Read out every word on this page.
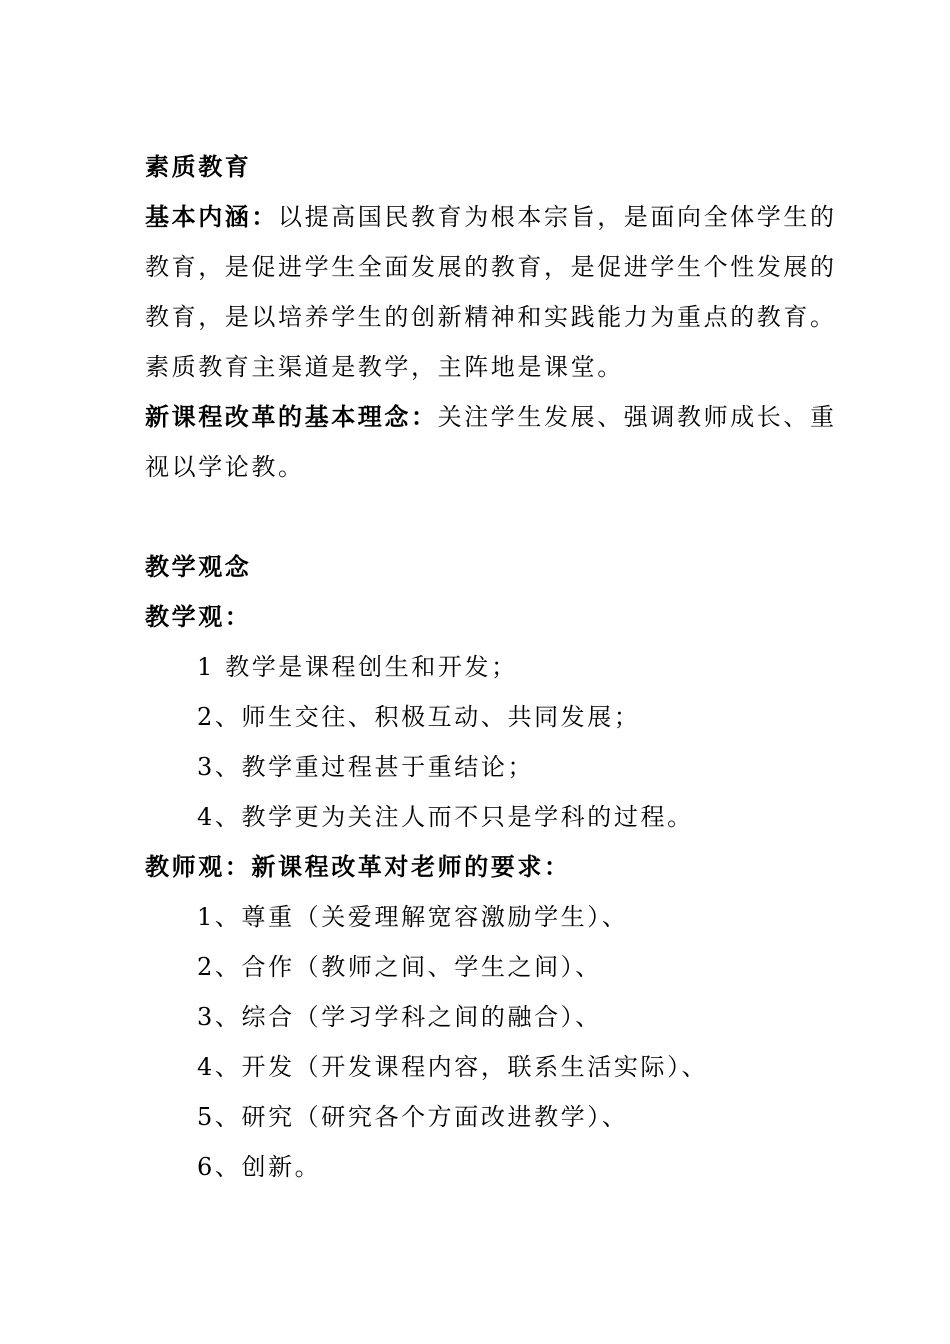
素质教育
基本内涵：以提高国民教育为根本宗旨，是面向全体学生的
教育，是促进学生全面发展的教育，是促进学生个性发展的
教育，是以培养学生的创新精神和实践能力为重点的教育。
素质教育主渠道是教学，主阵地是课堂。
新课程改革的基本理念：关注学生发展、强调教师成长、重
视以学论教。
教学观念
教学观：
1 教学是课程创生和开发；
2、师生交往、积极互动、共同发展；
3、教学重过程甚于重结论；
4、教学更为关注人而不只是学科的过程。
教师观：新课程改革对老师的要求：
1、尊重（关爱理解宽容激励学生）、
2、合作（教师之间、学生之间）、
3、综合（学习学科之间的融合）、
4、开发（开发课程内容，联系生活实际）、
5、研究（研究各个方面改进教学）、
6、创新。
